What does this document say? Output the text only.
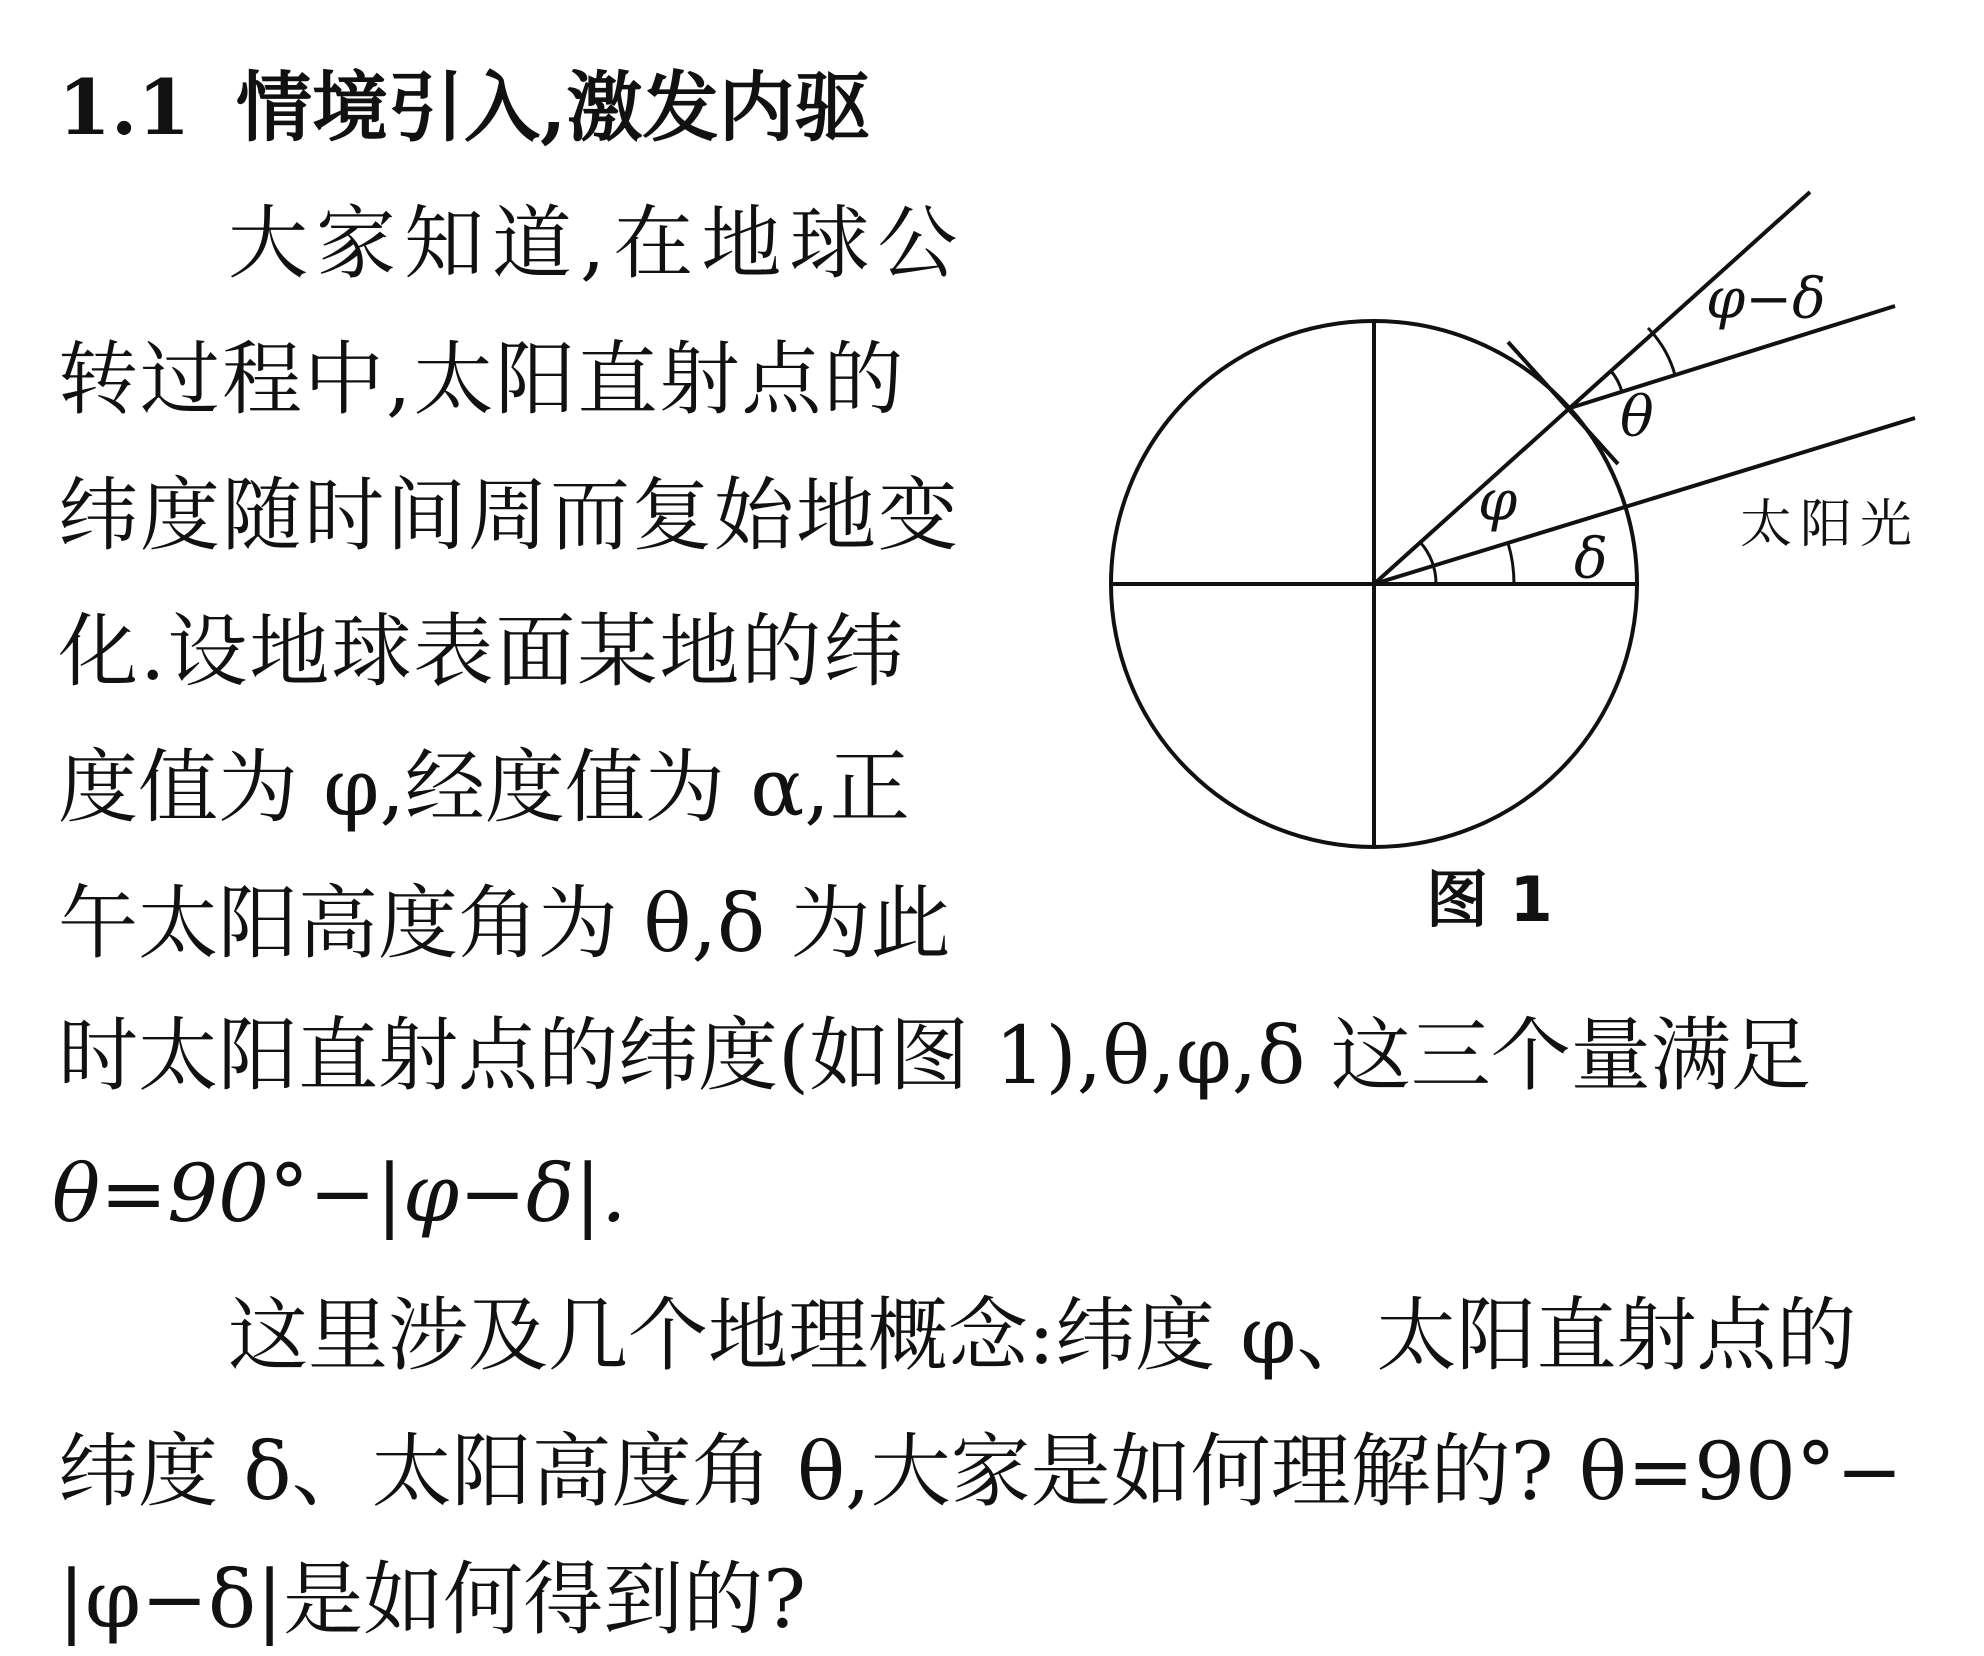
1.1 情境引入,激发内驱

大家知道,在地球公

转过程中,太阳直射点的

纬度随时间周而复始地变

化.设地球表面某地的纬

度值为 φ,经度值为 α,正

午太阳高度角为 θ,δ 为此

时太阳直射点的纬度(如图 1),θ,φ,δ 这三个量满足

θ=90°−|φ−δ|.

这里涉及几个地理概念:纬度 φ、太阳直射点的

纬度 δ、太阳高度角 θ,大家是如何理解的? θ=90°−

|φ−δ|是如何得到的?

φ−δ
θ
φ
δ
太阳光
图 1
